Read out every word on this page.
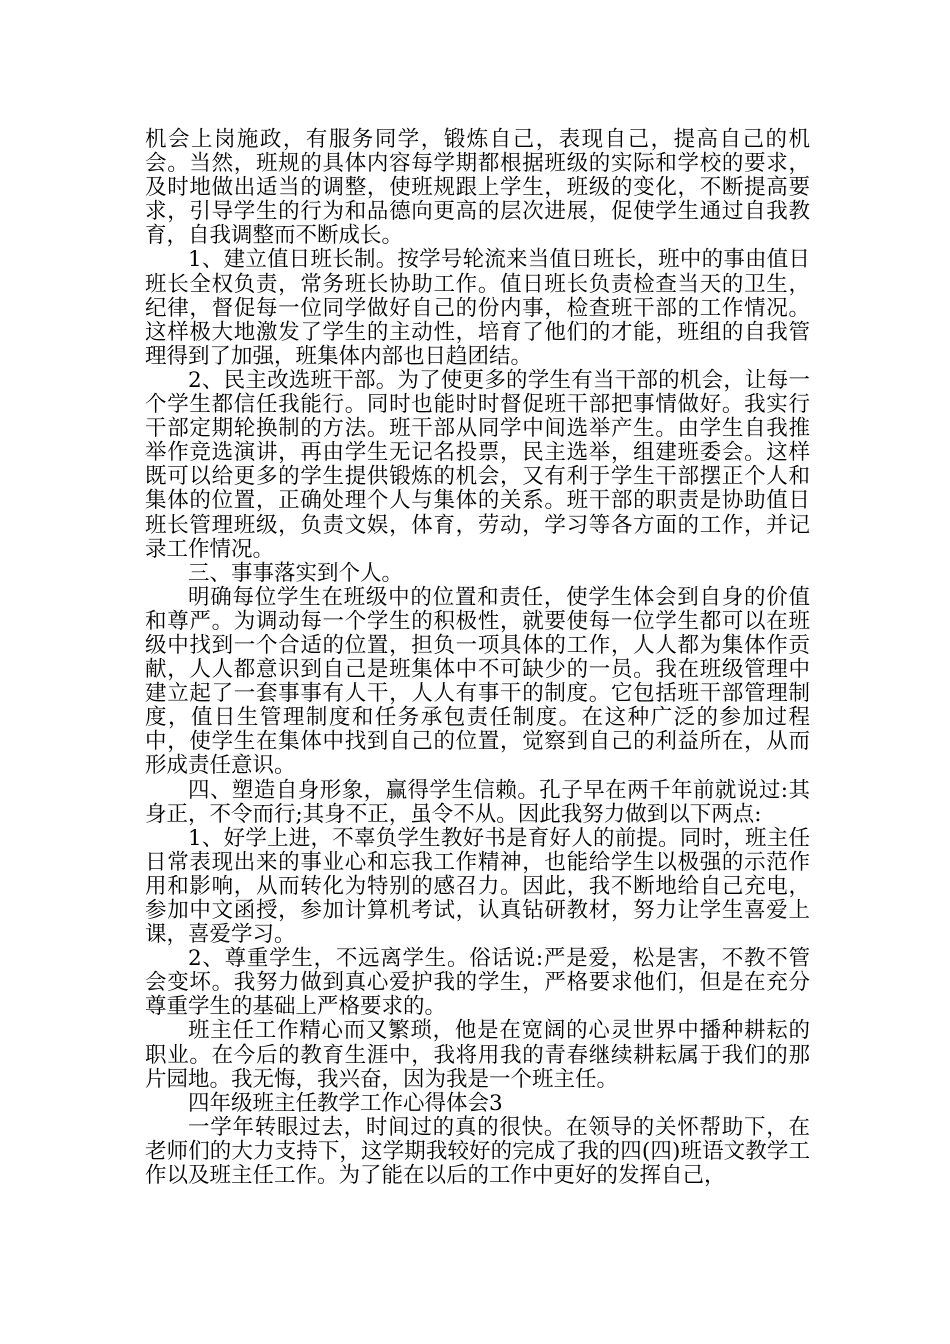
机会上岗施政，有服务同学，锻炼自己，表现自己，提高自己的机会。当然，班规的具体内容每学期都根据班级的实际和学校的要求，及时地做出适当的调整，使班规跟上学生，班级的变化，不断提高要求，引导学生的行为和品德向更高的层次进展，促使学生通过自我教育，自我调整而不断成长。

1、建立值日班长制。按学号轮流来当值日班长，班中的事由值日班长全权负责，常务班长协助工作。值日班长负责检查当天的卫生，纪律，督促每一位同学做好自己的份内事，检查班干部的工作情况。这样极大地激发了学生的主动性，培育了他们的才能，班组的自我管理得到了加强，班集体内部也日趋团结。

2、民主改选班干部。为了使更多的学生有当干部的机会，让每一个学生都信任我能行。同时也能时时督促班干部把事情做好。我实行干部定期轮换制的方法。班干部从同学中间选举产生。由学生自我推举作竞选演讲，再由学生无记名投票，民主选举，组建班委会。这样既可以给更多的学生提供锻炼的机会，又有利于学生干部摆正个人和集体的位置，正确处理个人与集体的关系。班干部的职责是协助值日班长管理班级，负责文娱，体育，劳动，学习等各方面的工作，并记录工作情况。

三、事事落实到个人。

明确每位学生在班级中的位置和责任，使学生体会到自身的价值和尊严。为调动每一个学生的积极性，就要使每一位学生都可以在班级中找到一个合适的位置，担负一项具体的工作，人人都为集体作贡献，人人都意识到自己是班集体中不可缺少的一员。我在班级管理中建立起了一套事事有人干，人人有事干的制度。它包括班干部管理制度，值日生管理制度和任务承包责任制度。在这种广泛的参加过程中，使学生在集体中找到自己的位置，觉察到自己的利益所在，从而形成责任意识。

四、塑造自身形象，赢得学生信赖。孔子早在两千年前就说过:其身正，不令而行;其身不正，虽令不从。因此我努力做到以下两点:

1、好学上进，不辜负学生教好书是育好人的前提。同时，班主任日常表现出来的事业心和忘我工作精神，也能给学生以极强的示范作用和影响，从而转化为特别的感召力。因此，我不断地给自己充电，参加中文函授，参加计算机考试，认真钻研教材，努力让学生喜爱上课，喜爱学习。

2、尊重学生，不远离学生。俗话说:严是爱，松是害，不教不管会变坏。我努力做到真心爱护我的学生，严格要求他们，但是在充分尊重学生的基础上严格要求的。

班主任工作精心而又繁琐，他是在宽阔的心灵世界中播种耕耘的职业。在今后的教育生涯中，我将用我的青春继续耕耘属于我们的那片园地。我无悔，我兴奋，因为我是一个班主任。

四年级班主任教学工作心得体会3

一学年转眼过去，时间过的真的很快。在领导的关怀帮助下，在老师们的大力支持下，这学期我较好的完成了我的四(四)班语文教学工作以及班主任工作。为了能在以后的工作中更好的发挥自己，
